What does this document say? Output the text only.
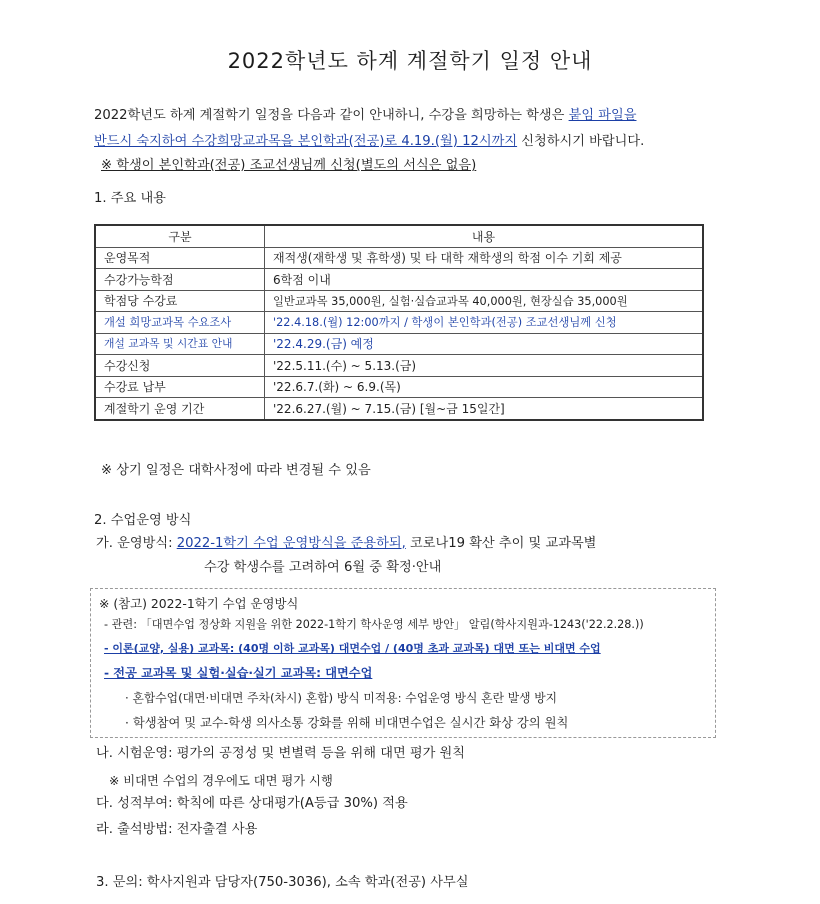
2022학년도 하계 계절학기 일정 안내
2022학년도 하계 계절학기 일정을 다음과 같이 안내하니, 수강을 희망하는 학생은 붙임 파일을
반드시 숙지하여 수강희망교과목을 본인학과(전공)로 4.19.(월) 12시까지 신청하시기 바랍니다.
※ 학생이 본인학과(전공) 조교선생님께 신청(별도의 서식은 없음)
1. 주요 내용
구분	내용
운영목적	재적생(재학생 및 휴학생) 및 타 대학 재학생의 학점 이수 기회 제공
수강가능학점	6학점 이내
학점당 수강료	일반교과목 35,000원, 실험·실습교과목 40,000원, 현장실습 35,000원
개설 희망교과목 수요조사	'22.4.18.(월) 12:00까지 / 학생이 본인학과(전공) 조교선생님께 신청
개설 교과목 및 시간표 안내	'22.4.29.(금) 예정
수강신청	'22.5.11.(수) ~ 5.13.(금)
수강료 납부	'22.6.7.(화) ~ 6.9.(목)
계절학기 운영 기간	'22.6.27.(월) ~ 7.15.(금) [월~금 15일간]
※ 상기 일정은 대학사정에 따라 변경될 수 있음
2. 수업운영 방식
가. 운영방식: 2022-1학기 수업 운영방식을 준용하되, 코로나19 확산 추이 및 교과목별
수강 학생수를 고려하여 6월 중 확정·안내
※ (참고) 2022-1학기 수업 운영방식
- 관련: 「대면수업 정상화 지원을 위한 2022-1학기 학사운영 세부 방안」 알림(학사지원과-1243('22.2.28.))
- 이론(교양, 실용) 교과목: (40명 이하 교과목) 대면수업 / (40명 초과 교과목) 대면 또는 비대면 수업
- 전공 교과목 및 실험·실습·실기 교과목: 대면수업
· 혼합수업(대면·비대면 주차(차시) 혼합) 방식 미적용: 수업운영 방식 혼란 발생 방지
· 학생참여 및 교수-학생 의사소통 강화를 위해 비대면수업은 실시간 화상 강의 원칙
나. 시험운영: 평가의 공정성 및 변별력 등을 위해 대면 평가 원칙
※ 비대면 수업의 경우에도 대면 평가 시행
다. 성적부여: 학칙에 따른 상대평가(A등급 30%) 적용
라. 출석방법: 전자출결 사용
3. 문의: 학사지원과 담당자(750-3036), 소속 학과(전공) 사무실
